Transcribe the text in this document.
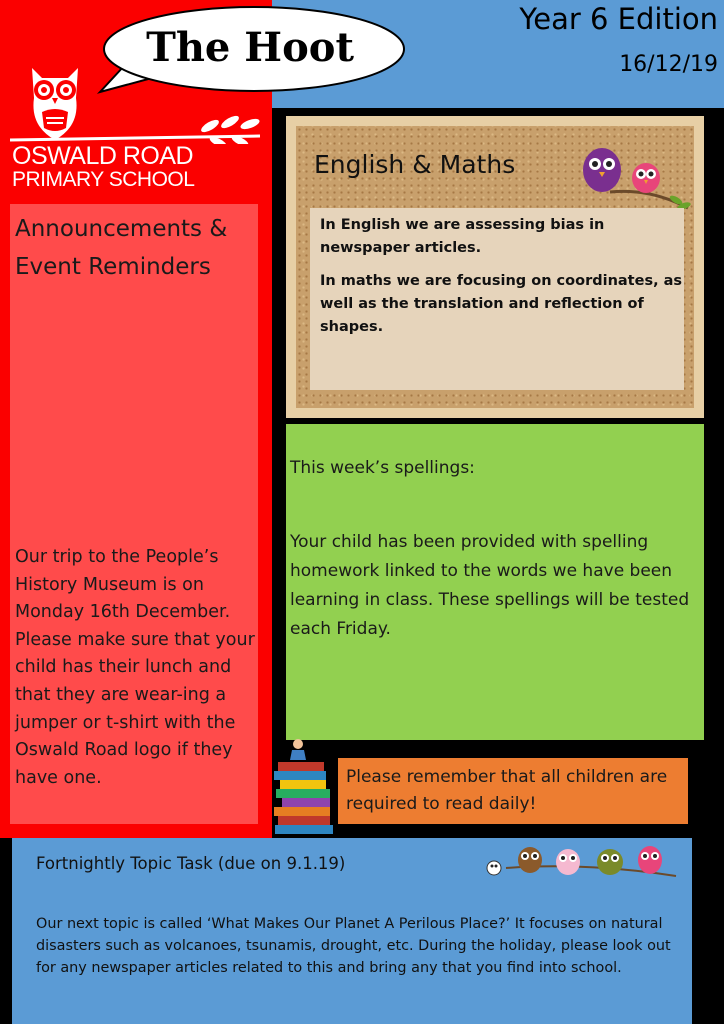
The Hoot
Year 6 Edition
16/12/19
OSWALD ROAD
PRIMARY SCHOOL
Announcements &
Event Reminders
Our trip to the People’s History Museum is on Monday 16th December. Please make sure that your child has their lunch and that they are wear-ing a jumper or t-shirt with the Oswald Road logo if they have one.
English & Maths
In English we are assessing bias in newspaper articles.
In maths we are focusing on coordinates, as well as the translation and reflection of shapes.
This week’s spellings:
Your child has been provided with spelling homework linked to the words we have been learning in class. These spellings will be tested each Friday.
Please remember that all children are required to read daily!
Fortnightly Topic Task (due on 9.1.19)
Our next topic is called ‘What Makes Our Planet A Perilous Place?’ It focuses on natural disasters such as volcanoes, tsunamis, drought, etc. During the holiday, please look out for any newspaper articles related to this and bring any that you find into school.
